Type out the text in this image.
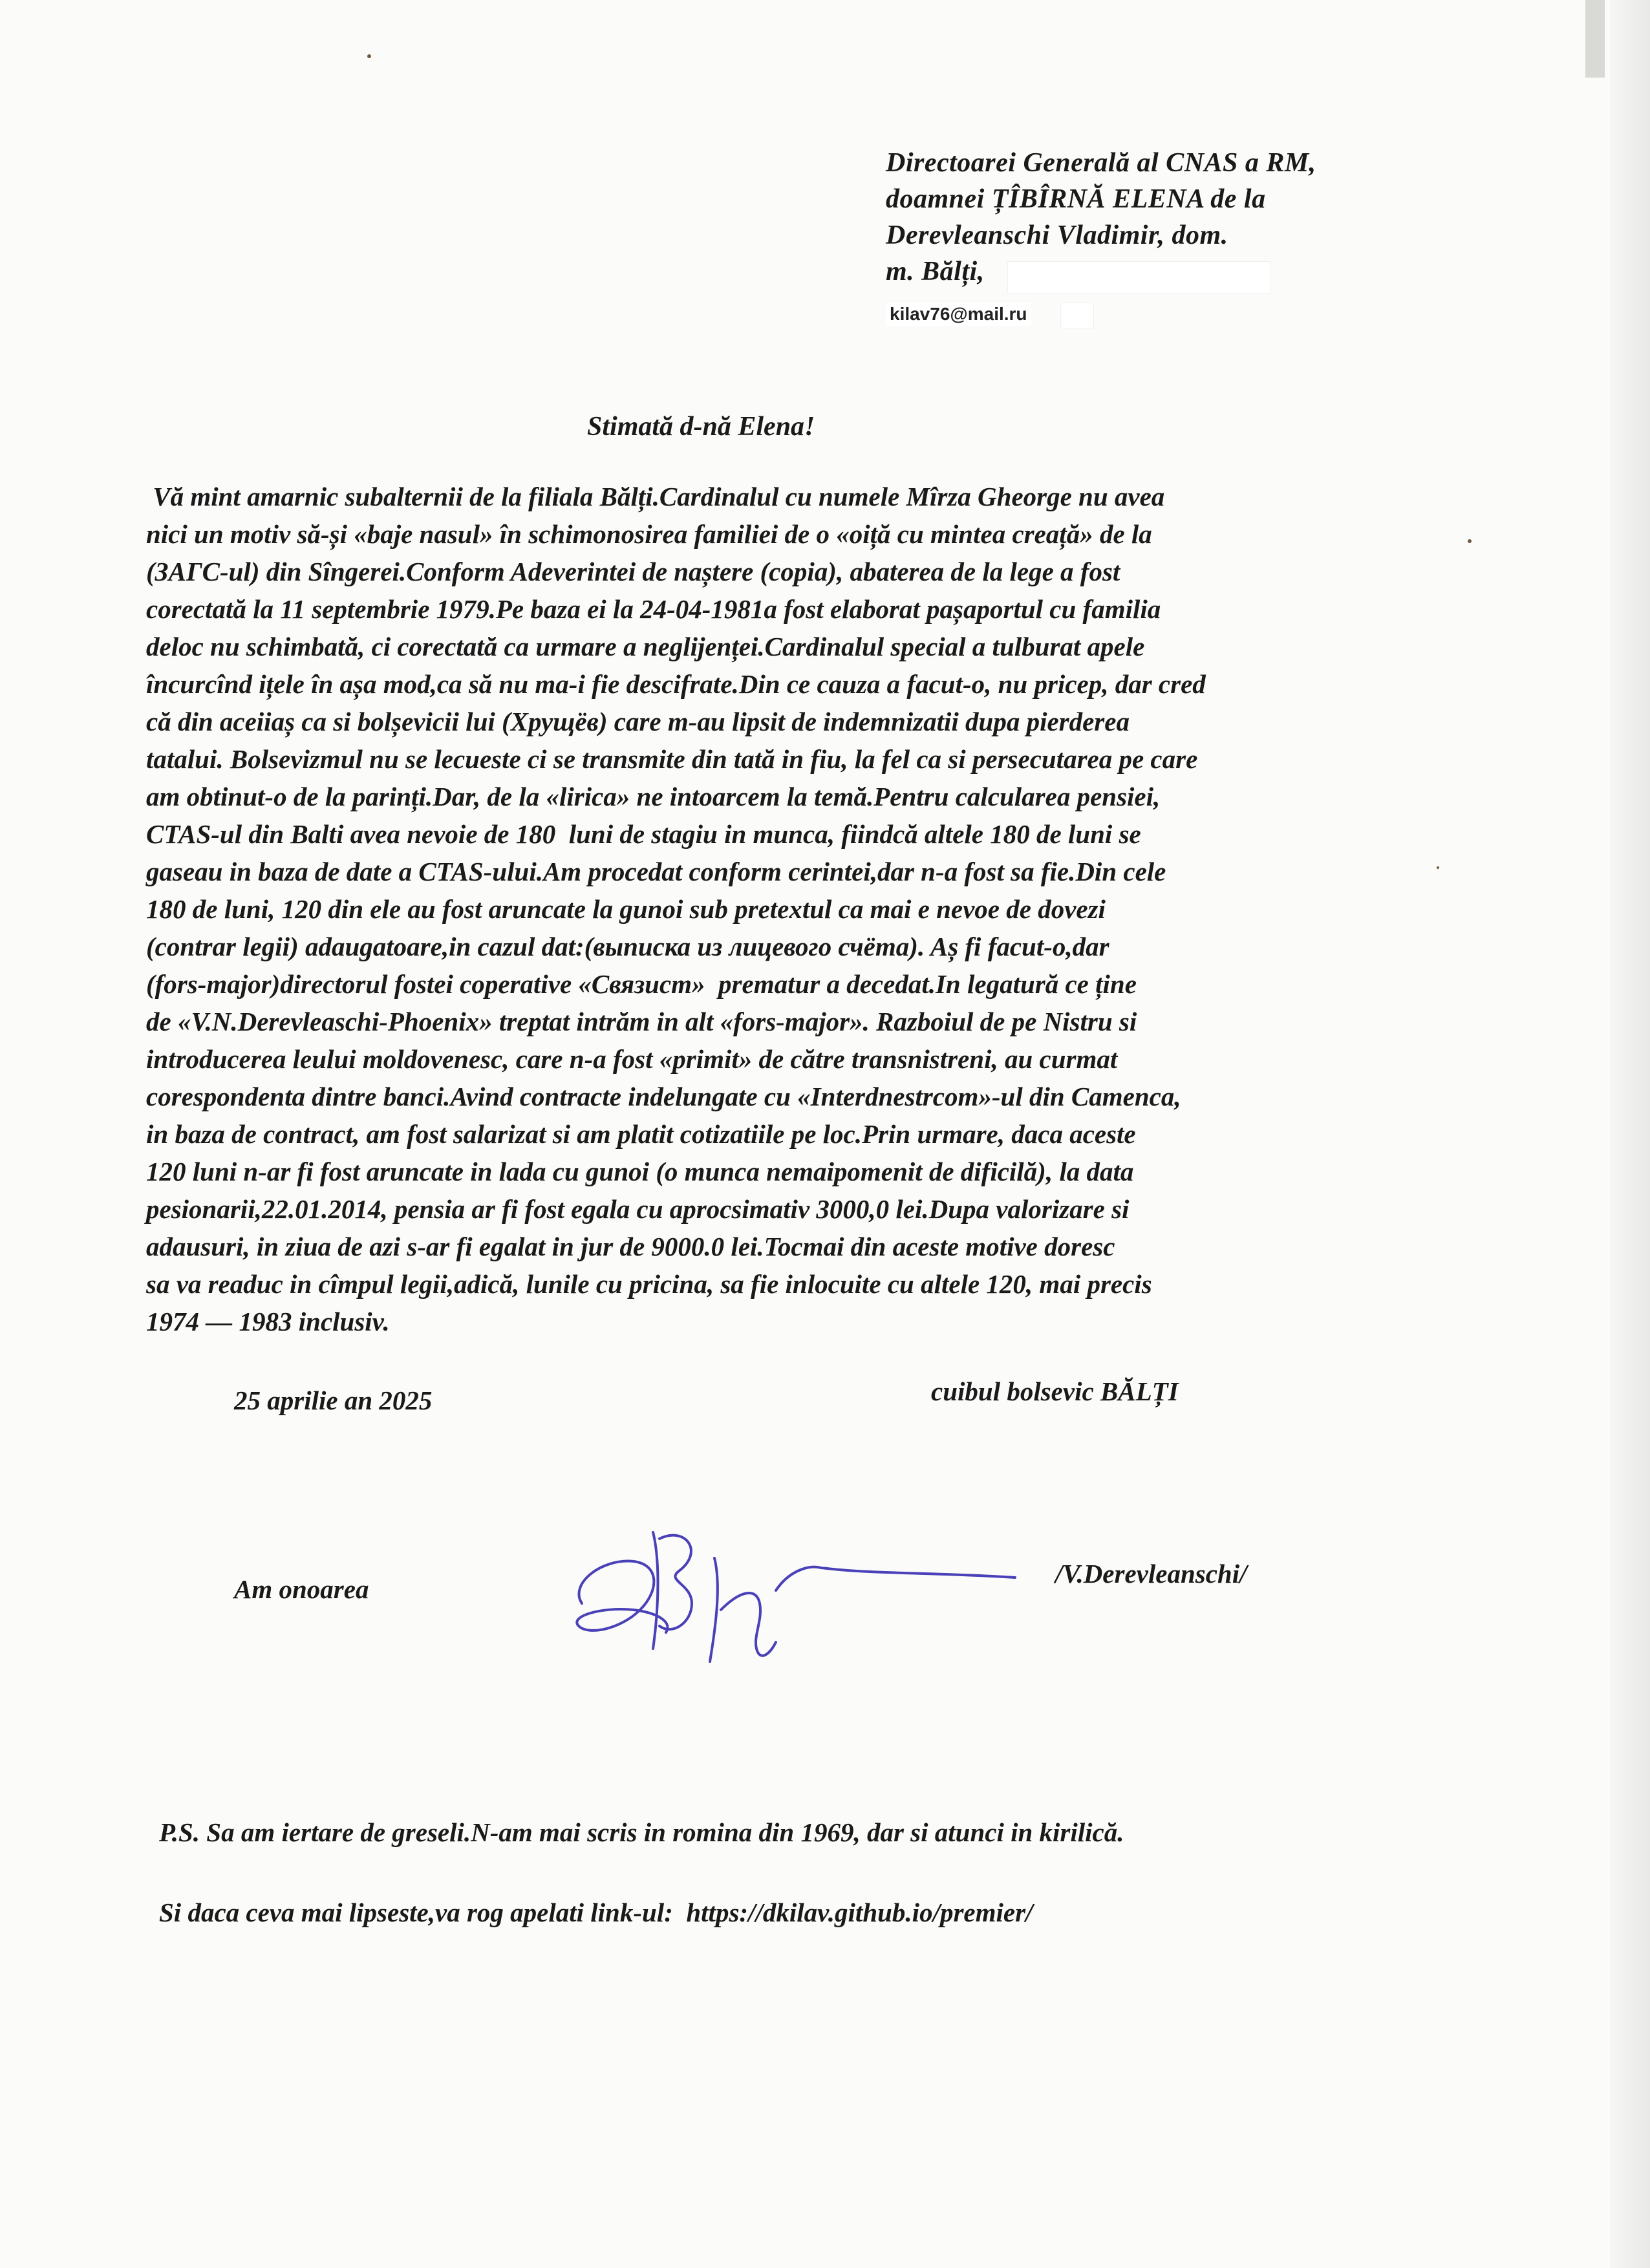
Directoarei Generală al CNAS a RM,
doamnei ȚÎBÎRNĂ ELENA de la
Derevleanschi Vladimir, dom.
m. Bălți,
kilav76@mail.ru
Stimată d-nă Elena!
Vă mint amarnic subalternii de la filiala Bălți.Cardinalul cu numele Mîrza Gheorge nu avea
nici un motiv să-și «baje nasul» în schimonosirea familiei de o «oiță cu mintea creață» de la
(ЗАГС-ul) din Sîngerei.Conform Adeverintei de naștere (copia), abaterea de la lege a fost
corectată la 11 septembrie 1979.Pe baza ei la 24-04-1981a fost elaborat pașaportul cu familia
deloc nu schimbată, ci corectată ca urmare a neglijenței.Cardinalul special a tulburat apele
încurcînd ițele în așa mod,ca să nu ma-i fie descifrate.Din ce cauza a facut-o, nu pricep, dar cred
că din aceiiaș ca si bolșevicii lui (Хрущёв) care m-au lipsit de indemnizatii dupa pierderea
tatalui. Bolsevizmul nu se lecueste ci se transmite din tată in fiu, la fel ca si persecutarea pe care
am obtinut-o de la parinți.Dar, de la «lirica» ne intoarcem la temă.Pentru calcularea pensiei,
CTAS-ul din Balti avea nevoie de 180  luni de stagiu in munca, fiindcă altele 180 de luni se
gaseau in baza de date a CTAS-ului.Am procedat conform cerintei,dar n-a fost sa fie.Din cele
180 de luni, 120 din ele au fost aruncate la gunoi sub pretextul ca mai e nevoe de dovezi
(contrar legii) adaugatoare,in cazul dat:(выписка из лицевого счёта). Aș fi facut-o,dar
(fors-major)directorul fostei coperative «Связист»  prematur a decedat.In legatură ce ține
de «V.N.Derevleaschi-Phoenix» treptat intrăm in alt «fors-major». Razboiul de pe Nistru si
introducerea leului moldovenesc, care n-a fost «primit» de către transnistreni, au curmat
corespondenta dintre banci.Avind contracte indelungate cu «Interdnestrcom»-ul din Camenca,
in baza de contract, am fost salarizat si am platit cotizatiile pe loc.Prin urmare, daca aceste
120 luni n-ar fi fost aruncate in lada cu gunoi (o munca nemaipomenit de dificilă), la data
pesionarii,22.01.2014, pensia ar fi fost egala cu aprocsimativ 3000,0 lei.Dupa valorizare si
adausuri, in ziua de azi s-ar fi egalat in jur de 9000.0 lei.Tocmai din aceste motive doresc
sa va readuc in cîmpul legii,adică, lunile cu pricina, sa fie inlocuite cu altele 120, mai precis
1974 — 1983 inclusiv.
25 aprilie an 2025	cuibul bolsevic BĂLȚI
Am onoarea
/V.Derevleanschi/
P.S. Sa am iertare de greseli.N-am mai scris in romina din 1969, dar si atunci in kirilică.
Si daca ceva mai lipseste,va rog apelati link-ul:  https://dkilav.github.io/premier/
